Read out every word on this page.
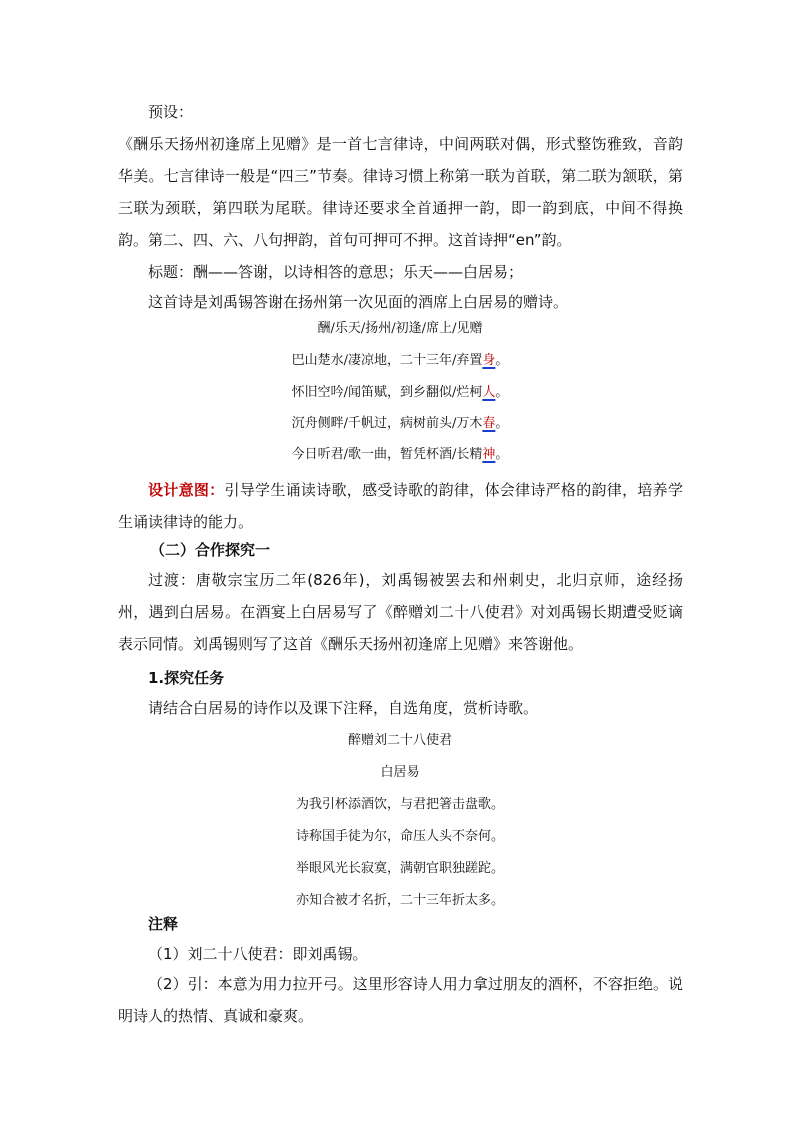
预设：
《酬乐天扬州初逢席上见赠》是一首七言律诗，中间两联对偶，形式整饬雅致，音韵华美。七言律诗一般是“四三”节奏。律诗习惯上称第一联为首联，第二联为颔联，第三联为颈联，第四联为尾联。律诗还要求全首通押一韵，即一韵到底，中间不得换韵。第二、四、六、八句押韵，首句可押可不押。这首诗押“en”韵。
标题：酬——答谢，以诗相答的意思；乐天——白居易；
这首诗是刘禹锡答谢在扬州第一次见面的酒席上白居易的赠诗。
酬/乐天/扬州/初逢/席上/见赠
巴山楚水/凄凉地，二十三年/弃置身。
怀旧空吟/闻笛赋，到乡翻似/烂柯人。
沉舟侧畔/千帆过，病树前头/万木春。
今日听君/歌一曲，暂凭杯酒/长精神。
设计意图：引导学生诵读诗歌，感受诗歌的韵律，体会律诗严格的韵律，培养学生诵读律诗的能力。
（二）合作探究一
过渡：唐敬宗宝历二年(826年)，刘禹锡被罢去和州刺史，北归京师，途经扬州，遇到白居易。在酒宴上白居易写了《醉赠刘二十八使君》对刘禹锡长期遭受贬谪表示同情。刘禹锡则写了这首《酬乐天扬州初逢席上见赠》来答谢他。
1.探究任务
请结合白居易的诗作以及课下注释，自选角度，赏析诗歌。
醉赠刘二十八使君
白居易
为我引杯添酒饮，与君把箸击盘歌。
诗称国手徒为尔，命压人头不奈何。
举眼风光长寂寞，满朝官职独蹉跎。
亦知合被才名折，二十三年折太多。
注释
（1）刘二十八使君：即刘禹锡。
（2）引：本意为用力拉开弓。这里形容诗人用力拿过朋友的酒杯，不容拒绝。说明诗人的热情、真诚和豪爽。
